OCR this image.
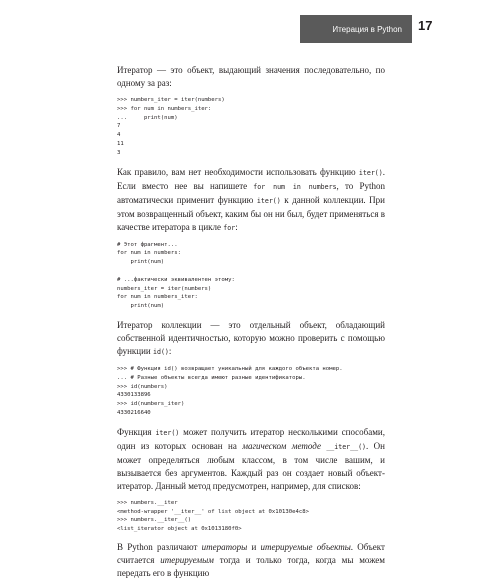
Итерация в Python 17

Итератор — это объект, выдающий значения последовательно, по одному за раз:

>>> numbers_iter = iter(numbers)
>>> for num in numbers_iter:
...     print(num)
7
4
11
3

Как правило, вам нет необходимости использовать функцию iter(). Если вместо нее вы напишете for num in numbers, то Python автоматически применит функцию iter() к данной коллекции. При этом возвращенный объект, каким бы он ни был, будет применяться в качестве итератора в цикле for:

# Этот фрагмент...
for num in numbers:
print(num)

# ...фактически эквивалентен этому:
numbers_iter = iter(numbers)
for num in numbers_iter:
print(num)

Итератор коллекции — это отдельный объект, обладающий собственной идентичностью, которую можно проверить с помощью функции id():

>>> # Функция id() возвращает уникальный для каждого объекта номер.
... # Разные объекты всегда имеют разные идентификаторы.
>>> id(numbers)
4330133896
>>> id(numbers_iter)
4330216640

Функция iter() может получить итератор несколькими способами, один из которых основан на магическом методе __iter__(). Он может определяться любым классом, в том числе вашим, и вызывается без аргументов. Каждый раз он создает новый объект-итератор. Данный метод предусмотрен, например, для списков:

>>> numbers.__iter
<method-wrapper '__iter__' of list object at 0x10130e4c8>
>>> numbers.__iter__()
<list_iterator object at 0x1013180f0>

В Python различают итераторы и итерируемые объекты. Объект считается итерируемым тогда и только тогда, когда мы можем передать его в функцию
